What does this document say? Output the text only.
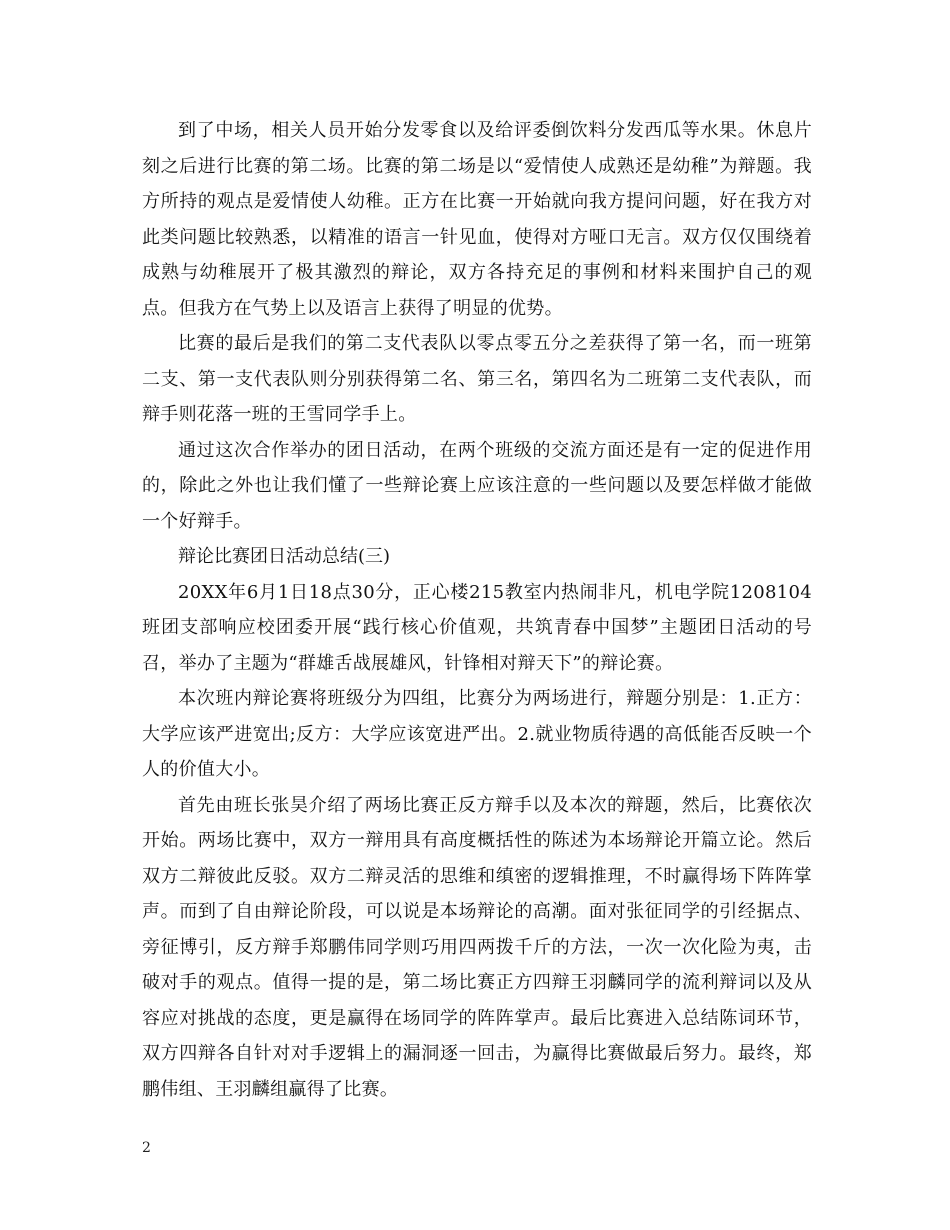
到了中场，相关人员开始分发零食以及给评委倒饮料分发西瓜等水果。休息片刻之后进行比赛的第二场。比赛的第二场是以“爱情使人成熟还是幼稚”为辩题。我方所持的观点是爱情使人幼稚。正方在比赛一开始就向我方提问问题，好在我方对此类问题比较熟悉，以精准的语言一针见血，使得对方哑口无言。双方仅仅围绕着成熟与幼稚展开了极其激烈的辩论，双方各持充足的事例和材料来围护自己的观点。但我方在气势上以及语言上获得了明显的优势。

比赛的最后是我们的第二支代表队以零点零五分之差获得了第一名，而一班第二支、第一支代表队则分别获得第二名、第三名，第四名为二班第二支代表队，而辩手则花落一班的王雪同学手上。

通过这次合作举办的团日活动，在两个班级的交流方面还是有一定的促进作用的，除此之外也让我们懂了一些辩论赛上应该注意的一些问题以及要怎样做才能做一个好辩手。

辩论比赛团日活动总结(三)

20XX年6月1日18点30分，正心楼215教室内热闹非凡，机电学院1208104班团支部响应校团委开展“践行核心价值观，共筑青春中国梦”主题团日活动的号召，举办了主题为“群雄舌战展雄风，针锋相对辩天下”的辩论赛。

本次班内辩论赛将班级分为四组，比赛分为两场进行，辩题分别是：1.正方：大学应该严进宽出;反方：大学应该宽进严出。2.就业物质待遇的高低能否反映一个人的价值大小。

首先由班长张昊介绍了两场比赛正反方辩手以及本次的辩题，然后，比赛依次开始。两场比赛中，双方一辩用具有高度概括性的陈述为本场辩论开篇立论。然后双方二辩彼此反驳。双方二辩灵活的思维和缜密的逻辑推理，不时赢得场下阵阵掌声。而到了自由辩论阶段，可以说是本场辩论的高潮。面对张征同学的引经据点、旁征博引，反方辩手郑鹏伟同学则巧用四两拨千斤的方法，一次一次化险为夷，击破对手的观点。值得一提的是，第二场比赛正方四辩王羽麟同学的流利辩词以及从容应对挑战的态度，更是赢得在场同学的阵阵掌声。最后比赛进入总结陈词环节，双方四辩各自针对对手逻辑上的漏洞逐一回击，为赢得比赛做最后努力。最终，郑鹏伟组、王羽麟组赢得了比赛。

2
